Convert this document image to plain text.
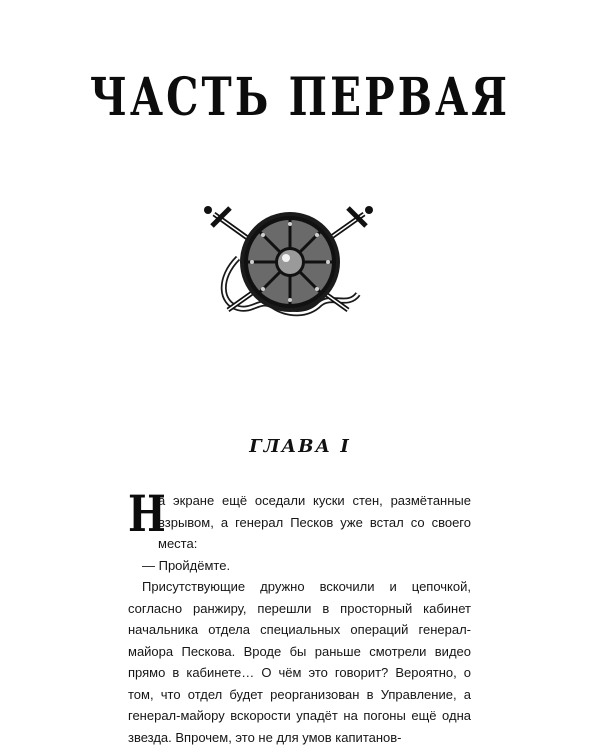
ЧАСТЬ ПЕРВАЯ
ГЛАВА I

Н
а экране ещё оседали куски стен, размётанные взрывом, а генерал Песков уже встал со своего места:

— Пройдёмте.

Присутствующие дружно вскочили и цепочкой, согласно ранжиру, перешли в просторный кабинет начальника отдела специальных операций генерал-майора Пескова. Вроде бы раньше смотрели видео прямо в кабинете… О чём это говорит? Вероятно, о том, что отдел будет реорганизован в Управление, а генерал-майору вскорости упадёт на погоны ещё одна звезда. Впрочем, это не для умов капитанов-
